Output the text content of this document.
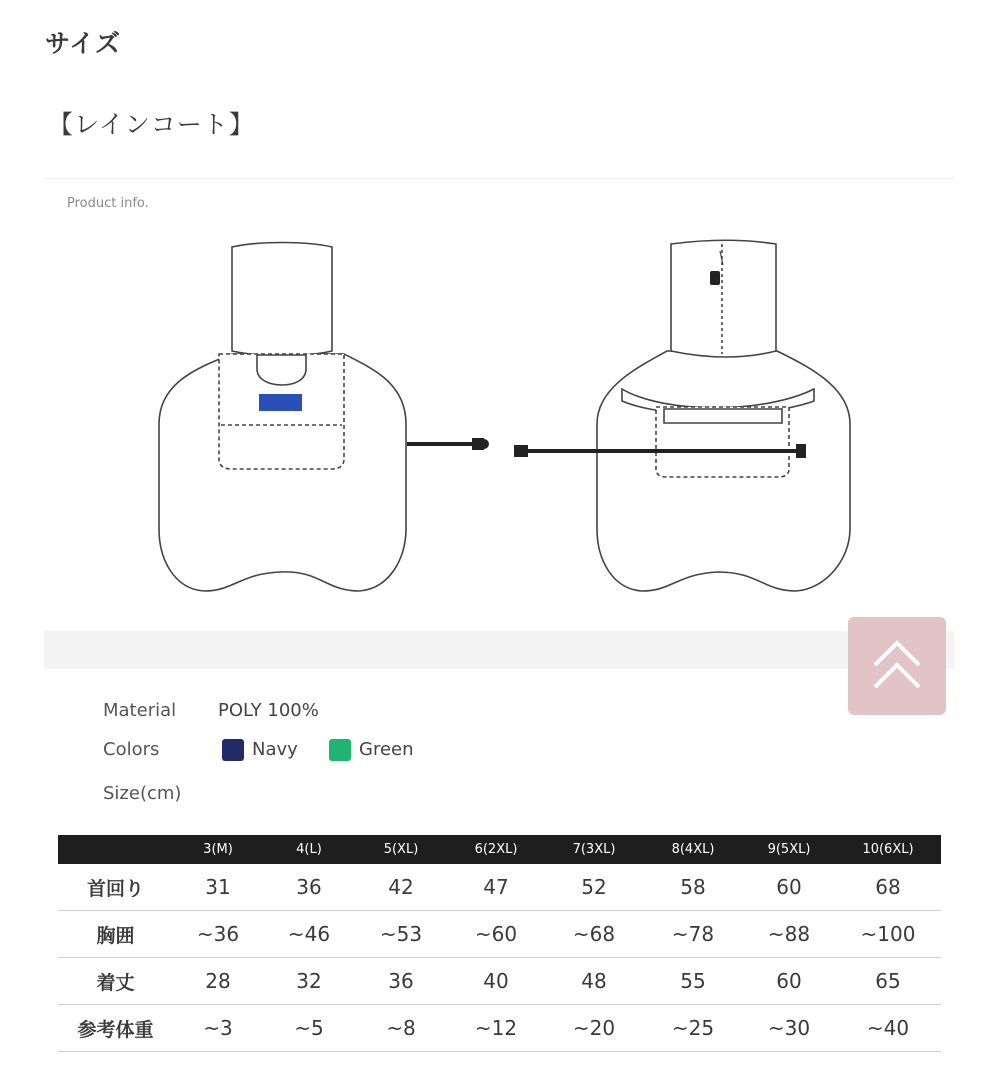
サイズ
【レインコート】
Product info.
Material POLY 100%
Colors	Navy	Green
Size(cm)
	3(M)	4(L)	5(XL)	6(2XL)	7(3XL)	8(4XL)	9(5XL)	10(6XL)
首回り	31	36	42	47	52	58	60	68
胸囲	~36	~46	~53	~60	~68	~78	~88	~100
着丈	28	32	36	40	48	55	60	65
参考体重	~3	~5	~8	~12	~20	~25	~30	~40
